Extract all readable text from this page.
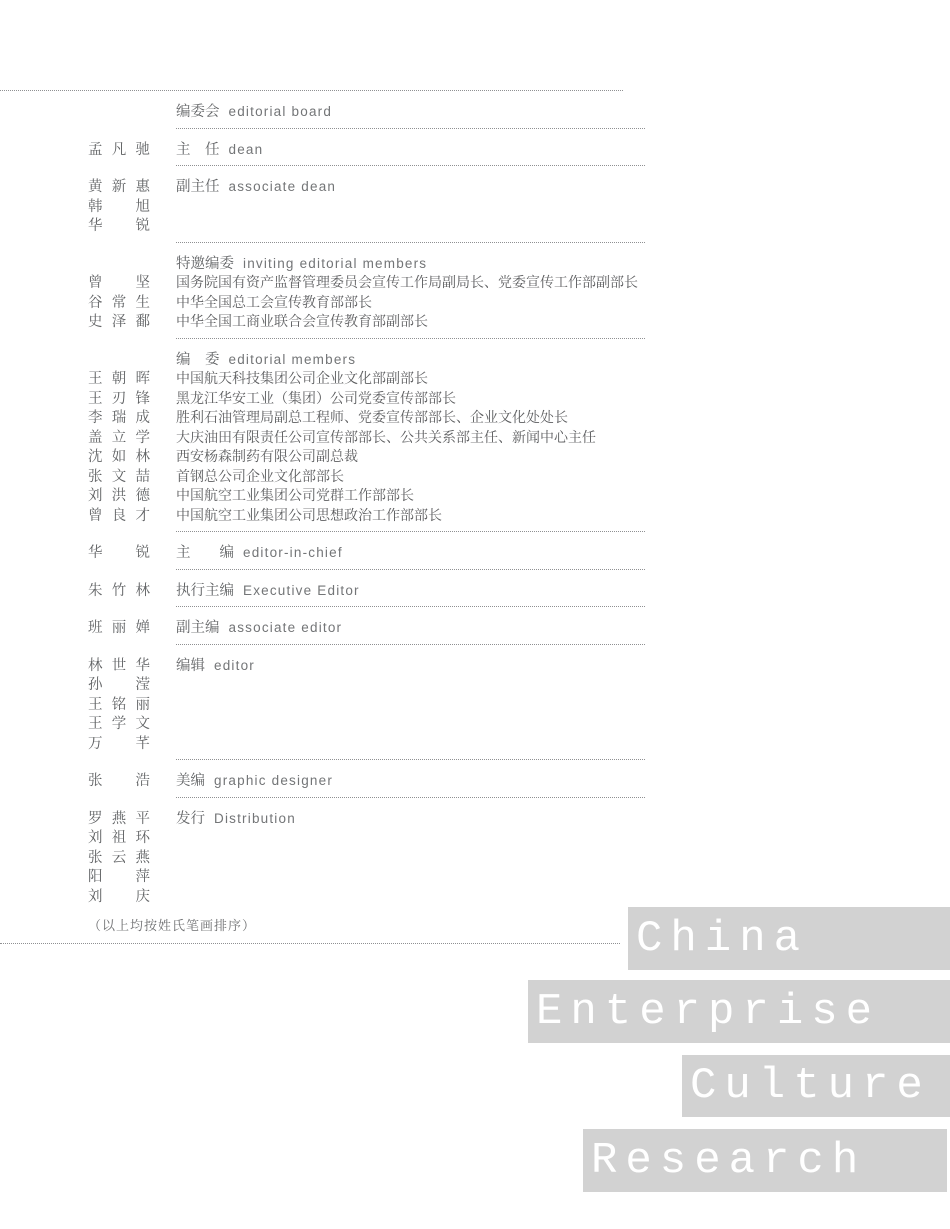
编委会 editorial board
孟 凡 驰 主　任 dean
黄 新 惠 副主任 associate dean
韩 旭
华 锐
特邀编委 inviting editorial members
曾 坚 国务院国有资产监督管理委员会宣传工作局副局长、党委宣传工作部副部长
谷 常 生 中华全国总工会宣传教育部部长
史 泽 鄱 中华全国工商业联合会宣传教育部副部长
编　委 editorial members
王 朝 晖 中国航天科技集团公司企业文化部副部长
王 刃 锋 黑龙江华安工业（集团）公司党委宣传部部长
李 瑞 成 胜利石油管理局副总工程师、党委宣传部部长、企业文化处处长
盖 立 学 大庆油田有限责任公司宣传部部长、公共关系部主任、新闻中心主任
沈 如 林 西安杨森制药有限公司副总裁
张 文 喆 首钢总公司企业文化部部长
刘 洪 德 中国航空工业集团公司党群工作部部长
曾 良 才 中国航空工业集团公司思想政治工作部部长
华 锐 主　　编 editor-in-chief
朱 竹 林 执行主编 Executive Editor
班 丽 婵 副主编 associate editor
林 世 华 编辑 editor
孙 滢
王 铭 丽
王 学 文
万 芊
张 浩 美编 graphic designer
罗 燕 平 发行 Distribution
刘 祖 环
张 云 燕
阳 萍
刘 庆
（以上均按姓氏笔画排序）	China
Enterprise
Culture
Research
